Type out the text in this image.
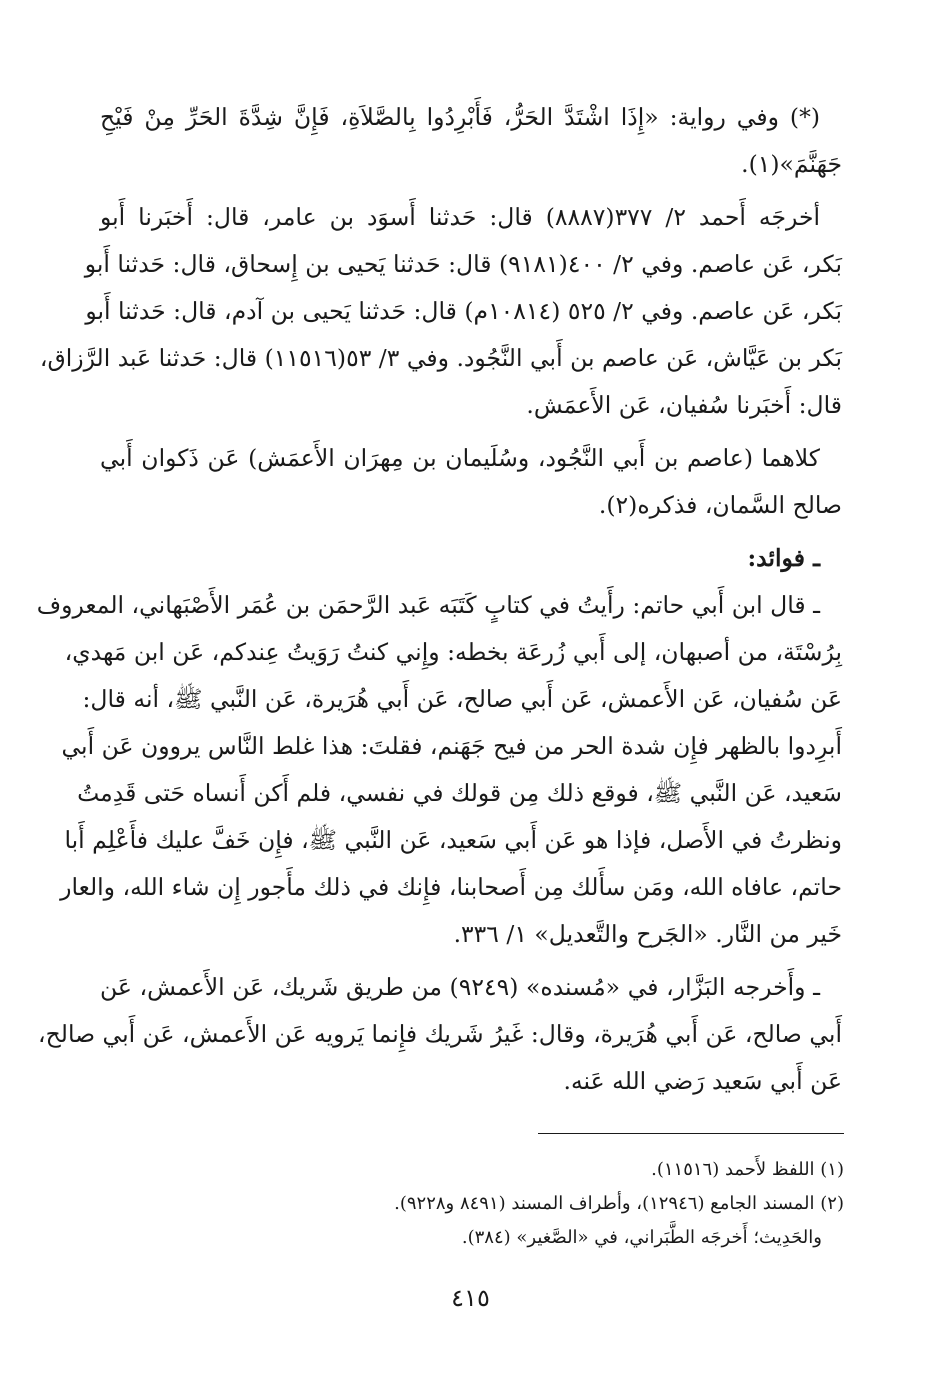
(*) وفي رواية: «إِذَا اشْتَدَّ الحَرُّ، فَأَبْرِدُوا بِالصَّلاَةِ، فَإِنَّ شِدَّةَ الحَرِّ مِنْ فَيْحِ
جَهَنَّمَ»(١).
أخرجَه أَحمد ٢/ ٣٧٧(٨٨٨٧) قال: حَدثنا أَسوَد بن عامر، قال: أَخبَرنا أَبو
بَكر، عَن عاصم. وفي ٢/ ٤٠٠(٩١٨١) قال: حَدثنا يَحيى بن إِسحاق، قال: حَدثنا أَبو
بَكر، عَن عاصم. وفي ٢/ ٥٢٥ (١٠٨١٤م) قال: حَدثنا يَحيى بن آدم، قال: حَدثنا أَبو
بَكر بن عَيَّاش، عَن عاصم بن أَبي النَّجُود. وفي ٣/ ٥٣(١١٥١٦) قال: حَدثنا عَبد الرَّزاق،
قال: أَخبَرنا سُفيان، عَن الأَعمَش.
كلاهما (عاصم بن أَبي النَّجُود، وسُلَيمان بن مِهرَان الأَعمَش) عَن ذَكوان أَبي
صالح السَّمان، فذكره(٢).
ـ فوائد:
ـ قال ابن أَبي حاتم: رأَيتُ في كتابٍ كَتَبَه عَبد الرَّحمَن بن عُمَر الأَصْبَهاني، المعروف
بِرُسْتَة، من أصبهان، إلى أَبي زُرعَة بخطه: وإِني كنتُ رَوَيتُ عِندكم، عَن ابن مَهدي،
عَن سُفيان، عَن الأَعمش، عَن أَبي صالح، عَن أَبي هُرَيرة، عَن النَّبي ﷺ، أنه قال:
أَبرِدوا بالظهر فإِن شدة الحر من فيح جَهَنم، فقلتَ: هذا غلط النَّاس يروون عَن أَبي
سَعيد، عَن النَّبي ﷺ، فوقع ذلك مِن قولك في نفسي، فلم أَكن أَنساه حَتى قَدِمتُ
ونظرتُ في الأَصل، فإذا هو عَن أَبي سَعيد، عَن النَّبي ﷺ، فإِن خَفَّ عليك فأَعْلِم أَبا
حاتم، عافاه الله، ومَن سأَلك مِن أَصحابنا، فإِنك في ذلك مأَجور إِن شاء الله، والعار
خَير من النَّار. «الجَرح والتَّعديل» ١/ ٣٣٦.
ـ وأَخرجه البَزَّار، في «مُسنده» (٩٢٤٩) من طريق شَريك، عَن الأَعمش، عَن
أَبي صالح، عَن أَبي هُرَيرة، وقال: غَيرُ شَريك فإِنما يَرويه عَن الأَعمش، عَن أَبي صالح،
عَن أَبي سَعيد رَضي الله عَنه.
(١) اللفظ لأَحمد (١١٥١٦).
(٢) المسند الجامع (١٢٩٤٦)، وأطراف المسند (٨٤٩١ و٩٢٢٨).
والحَدِيث؛ أَخرجَه الطَّبَراني، في «الصَّغير» (٣٨٤).
٤١٥
